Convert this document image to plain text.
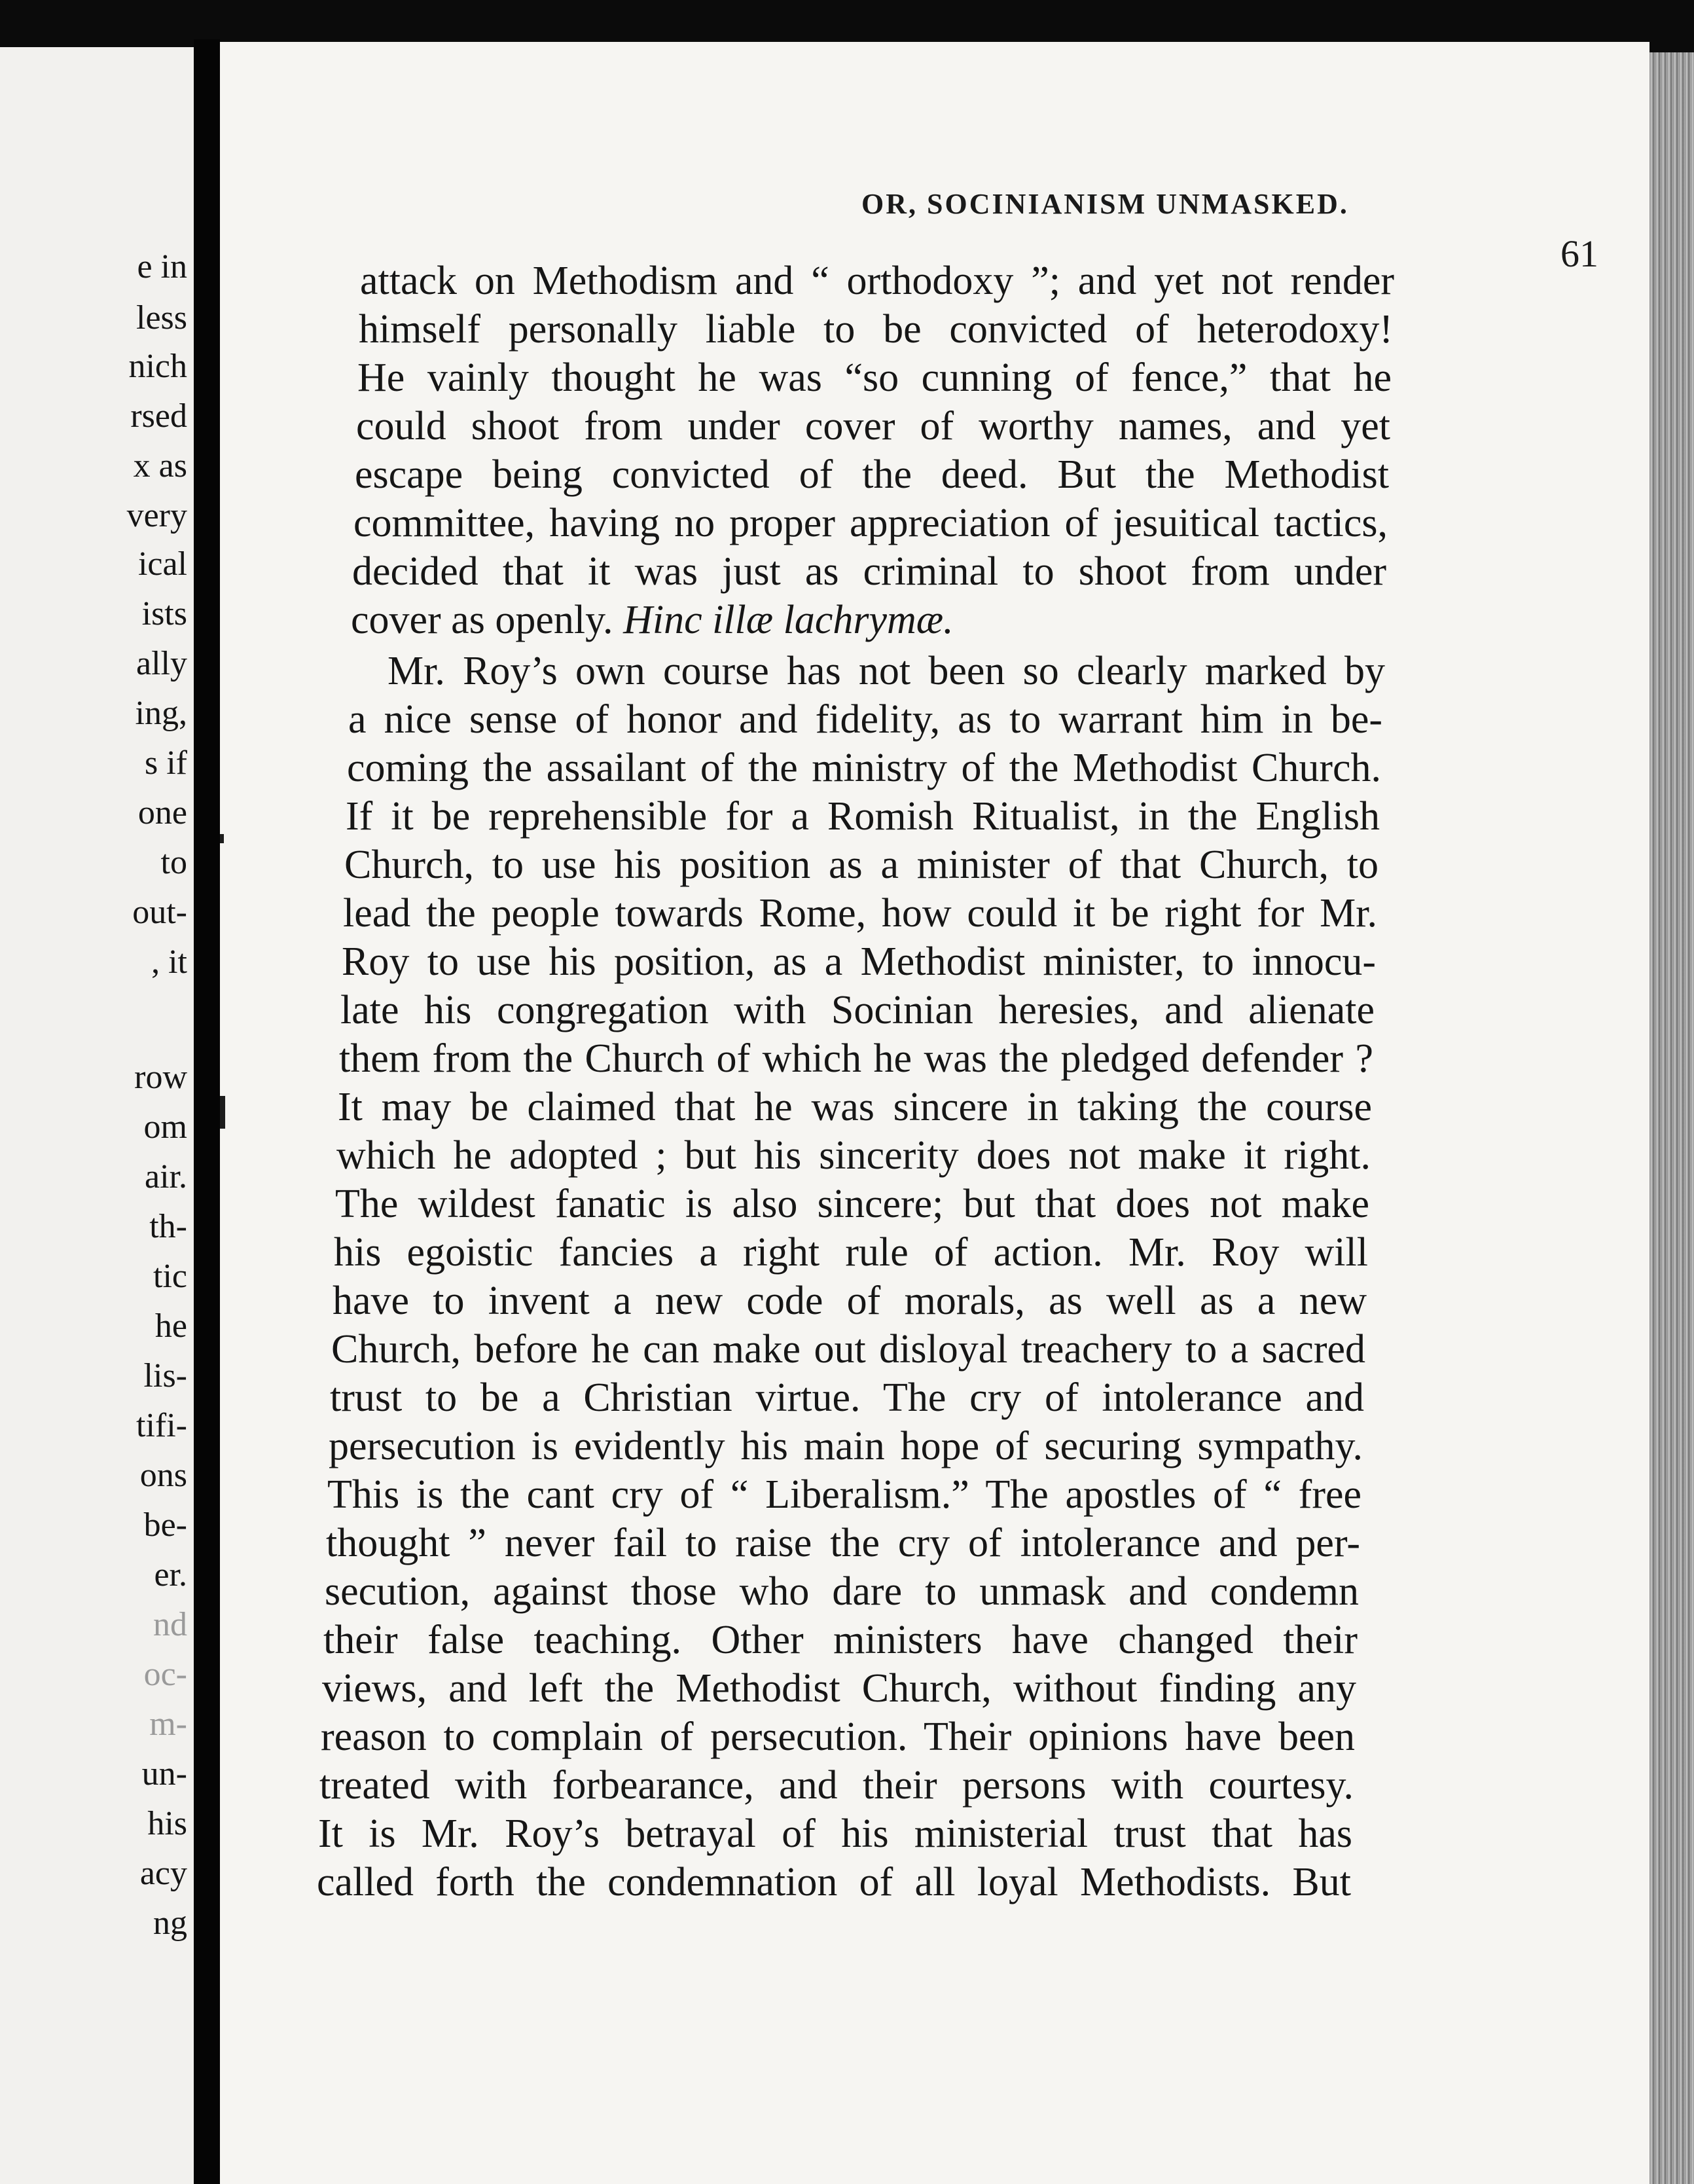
e in
less
nich
rsed
x as
very
ical
ists
ally
ing,
s if
one
to
out-
, it
row
om
air.
th-
tic
he
lis-
tifi-
ons
be-
er.
nd
oc-
m-
un-
his
acy
ng
OR, SOCINIANISM UNMASKED.
61
attack on Methodism and “ orthodoxy ”; and yet not render
himself personally liable to be convicted of heterodoxy!
He vainly thought he was “so cunning of fence,” that he
could shoot from under cover of worthy names, and yet
escape being convicted of the deed. But the Methodist
committee, having no proper appreciation of jesuitical tactics,
decided that it was just as criminal to shoot from under
cover as openly. Hinc illæ lachrymæ.
Mr. Roy’s own course has not been so clearly marked by
a nice sense of honor and fidelity, as to warrant him in be-
coming the assailant of the ministry of the Methodist Church.
If it be reprehensible for a Romish Ritualist, in the English
Church, to use his position as a minister of that Church, to
lead the people towards Rome, how could it be right for Mr.
Roy to use his position, as a Methodist minister, to innocu-
late his congregation with Socinian heresies, and alienate
them from the Church of which he was the pledged defender ?
It may be claimed that he was sincere in taking the course
which he adopted ; but his sincerity does not make it right.
The wildest fanatic is also sincere; but that does not make
his egoistic fancies a right rule of action. Mr. Roy will
have to invent a new code of morals, as well as a new
Church, before he can make out disloyal treachery to a sacred
trust to be a Christian virtue. The cry of intolerance and
persecution is evidently his main hope of securing sympathy.
This is the cant cry of “ Liberalism.” The apostles of “ free
thought ” never fail to raise the cry of intolerance and per-
secution, against those who dare to unmask and condemn
their false teaching. Other ministers have changed their
views, and left the Methodist Church, without finding any
reason to complain of persecution. Their opinions have been
treated with forbearance, and their persons with courtesy.
It is Mr. Roy’s betrayal of his ministerial trust that has
called forth the condemnation of all loyal Methodists. But
